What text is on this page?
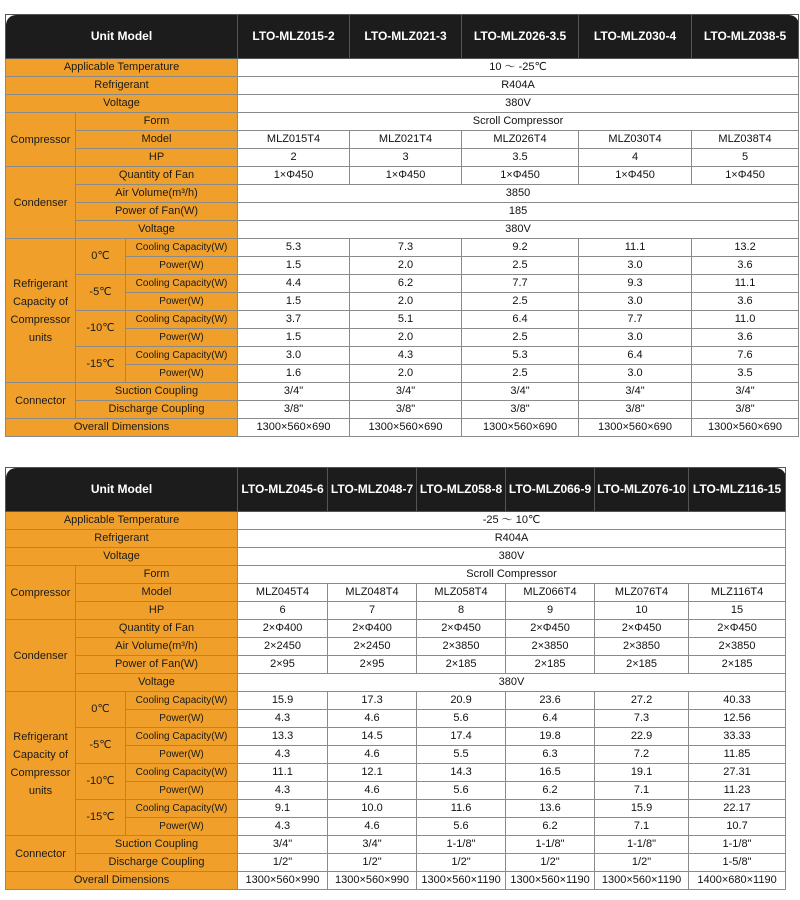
Unit Model			LTO-MLZ015-2	LTO-MLZ021-3	LTO-MLZ026-3.5	LTO-MLZ030-4	LTO-MLZ038-5
Applicable Temperature			10 ～ -25℃				
Refrigerant			R404A				
Voltage			380V				
Compressor	Form		Scroll Compressor				
	Model		MLZ015T4	MLZ021T4	MLZ026T4	MLZ030T4	MLZ038T4
	HP		2	3	3.5	4	5
Condenser	Quantity of Fan		1×Φ450	1×Φ450	1×Φ450	1×Φ450	1×Φ450
	Air Volume(m³/h)		3850				
	Power of Fan(W)		185				
	Voltage		380V				
Refrigerant Capacity of Compressor units	0℃	Cooling Capacity(W)	5.3	7.3	9.2	11.1	13.2
		Power(W)	1.5	2.0	2.5	3.0	3.6
	-5℃	Cooling Capacity(W)	4.4	6.2	7.7	9.3	11.1
		Power(W)	1.5	2.0	2.5	3.0	3.6
	-10℃	Cooling Capacity(W)	3.7	5.1	6.4	7.7	11.0
		Power(W)	1.5	2.0	2.5	3.0	3.6
	-15℃	Cooling Capacity(W)	3.0	4.3	5.3	6.4	7.6
		Power(W)	1.6	2.0	2.5	3.0	3.5
Connector	Suction Coupling		3/4"	3/4"	3/4"	3/4"	3/4"
	Discharge Coupling		3/8"	3/8"	3/8"	3/8"	3/8"
Overall Dimensions			1300×560×690	1300×560×690	1300×560×690	1300×560×690	1300×560×690
Unit Model			LTO-MLZ045-6	LTO-MLZ048-7	LTO-MLZ058-8	LTO-MLZ066-9	LTO-MLZ076-10	LTO-MLZ116-15
Applicable Temperature			-25 ～ 10℃					
Refrigerant			R404A					
Voltage			380V					
Compressor	Form		Scroll Compressor					
	Model		MLZ045T4	MLZ048T4	MLZ058T4	MLZ066T4	MLZ076T4	MLZ116T4
	HP		6	7	8	9	10	15
Condenser	Quantity of Fan		2×Φ400	2×Φ400	2×Φ450	2×Φ450	2×Φ450	2×Φ450
	Air Volume(m³/h)		2×2450	2×2450	2×3850	2×3850	2×3850	2×3850
	Power of Fan(W)		2×95	2×95	2×185	2×185	2×185	2×185
	Voltage		380V					
Refrigerant Capacity of Compressor units	0℃	Cooling Capacity(W)	15.9	17.3	20.9	23.6	27.2	40.33
		Power(W)	4.3	4.6	5.6	6.4	7.3	12.56
	-5℃	Cooling Capacity(W)	13.3	14.5	17.4	19.8	22.9	33.33
		Power(W)	4.3	4.6	5.5	6.3	7.2	11.85
	-10℃	Cooling Capacity(W)	11.1	12.1	14.3	16.5	19.1	27.31
		Power(W)	4.3	4.6	5.6	6.2	7.1	11.23
	-15℃	Cooling Capacity(W)	9.1	10.0	11.6	13.6	15.9	22.17
		Power(W)	4.3	4.6	5.6	6.2	7.1	10.7
Connector	Suction Coupling		3/4"	3/4"	1-1/8"	1-1/8"	1-1/8"	1-1/8"
	Discharge Coupling		1/2"	1/2"	1/2"	1/2"	1/2"	1-5/8"
Overall Dimensions			1300×560×990	1300×560×990	1300×560×1190	1300×560×1190	1300×560×1190	1400×680×1190
